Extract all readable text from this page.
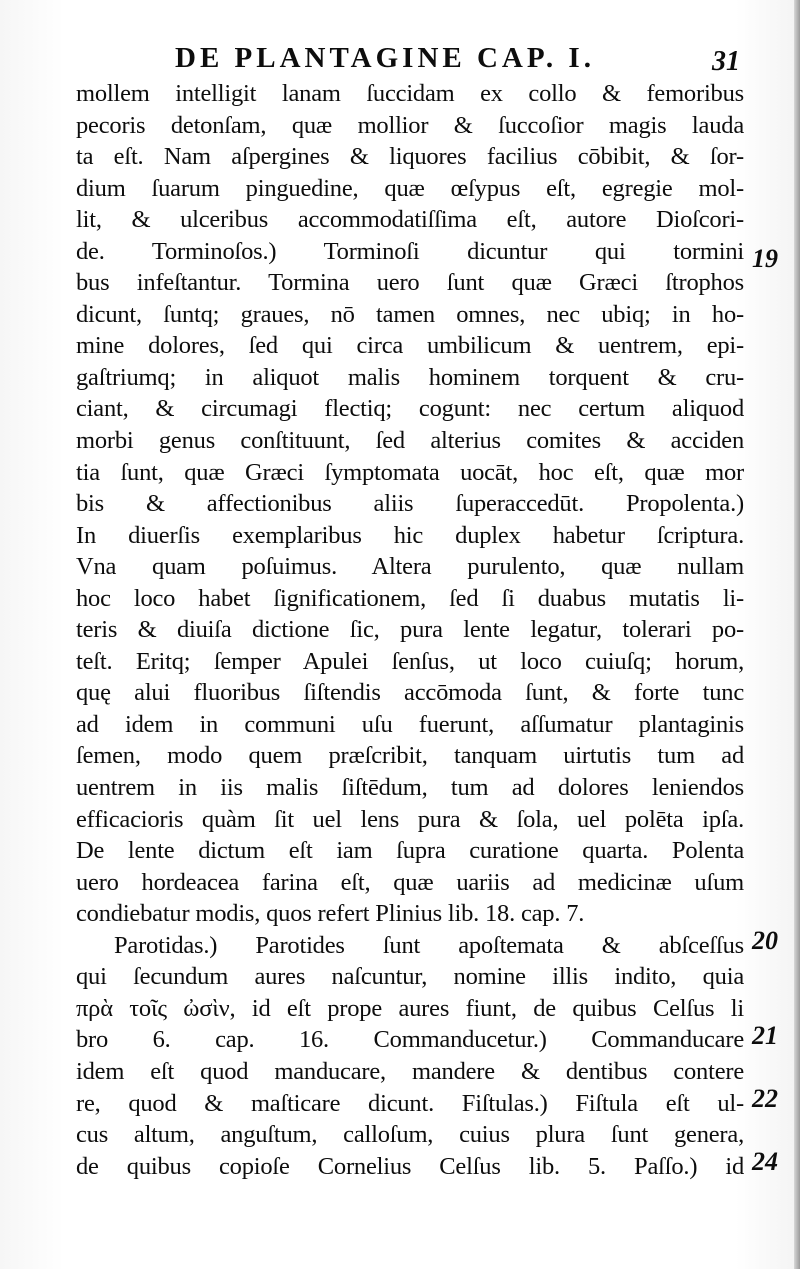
DE PLANTAGINE CAP. I.	31
mollem intelligit lanam ſuccidam ex collo & femoribus
pecoris detonſam, quæ mollior & ſuccoſior magis lauda
ta eſt. Nam aſpergines & liquores facilius cōbibit, & ſor-
dium ſuarum pinguedine, quæ œſypus eſt, egregie mol-
lit, & ulceribus accommodatiſſima eſt, autore Dioſcori-
de. Torminoſos.) Torminoſi dicuntur qui tormini
bus infeſtantur. Tormina uero ſunt quæ Græci ſtrophos
dicunt, ſuntq; graues, nō tamen omnes, nec ubiq; in ho-
mine dolores, ſed qui circa umbilicum & uentrem, epi-
gaſtriumq; in aliquot malis hominem torquent & cru-
ciant, & circumagi flectiq; cogunt: nec certum aliquod
morbi genus conſtituunt, ſed alterius comites & acciden
tia ſunt, quæ Græci ſymptomata uocāt, hoc eſt, quæ mor
bis & affectionibus aliis ſuperaccedūt. Propolenta.)
In diuerſis exemplaribus hic duplex habetur ſcriptura.
Vna quam poſuimus. Altera purulento, quæ nullam
hoc loco habet ſignificationem, ſed ſi duabus mutatis li-
teris & diuiſa dictione ſic, pura lente legatur, tolerari po-
teſt. Eritq; ſemper Apulei ſenſus, ut loco cuiuſq; horum,
quę alui fluoribus ſiſtendis accōmoda ſunt, & forte tunc
ad idem in communi uſu fuerunt, aſſumatur plantaginis
ſemen, modo quem præſcribit, tanquam uirtutis tum ad
uentrem in iis malis ſiſtēdum, tum ad dolores leniendos
efficacioris quàm ſit uel lens pura & ſola, uel polēta ipſa.
De lente dictum eſt iam ſupra curatione quarta. Polenta
uero hordeacea farina eſt, quæ uariis ad medicinæ uſum
condiebatur modis, quos refert Plinius lib. 18. cap. 7.
Parotidas.) Parotides ſunt apoſtemata & abſceſſus
qui ſecundum aures naſcuntur, nomine illis indito, quia
πρὰ τοῖς ὠσὶν, id eſt prope aures fiunt, de quibus Celſus li
bro 6. cap. 16. Commanducetur.) Commanducare
idem eſt quod manducare, mandere & dentibus contere
re, quod & maſticare dicunt. Fiſtulas.) Fiſtula eſt ul-
cus altum, anguſtum, calloſum, cuius plura ſunt genera,
de quibus copioſe Cornelius Celſus lib. 5. Paſſo.) id
19
20
21
22
24
